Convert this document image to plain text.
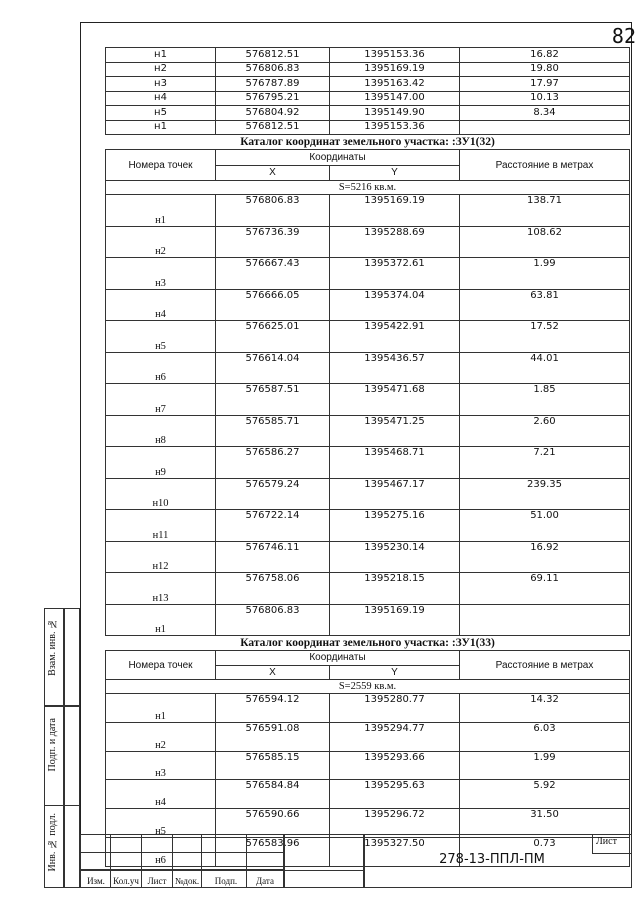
82
н1	576812.51	1395153.36	16.82
н2	576806.83	1395169.19	19.80
н3	576787.89	1395163.42	17.97
н4	576795.21	1395147.00	10.13
н5	576804.92	1395149.90	8.34
н1	576812.51	1395153.36	
Каталог координат земельного участка: :ЗУ1(32)			
Номера точек	Координаты		Расстояние в метрах
	X	Y	
S=5216 кв.м.			
н1	576806.83	1395169.19	138.71
н2	576736.39	1395288.69	108.62
н3	576667.43	1395372.61	1.99
н4	576666.05	1395374.04	63.81
н5	576625.01	1395422.91	17.52
н6	576614.04	1395436.57	44.01
н7	576587.51	1395471.68	1.85
н8	576585.71	1395471.25	2.60
н9	576586.27	1395468.71	7.21
н10	576579.24	1395467.17	239.35
н11	576722.14	1395275.16	51.00
н12	576746.11	1395230.14	16.92
н13	576758.06	1395218.15	69.11
н1	576806.83	1395169.19	
Каталог координат земельного участка: :ЗУ1(33)			
Номера точек	Координаты		Расстояние в метрах
	X	Y	
S=2559 кв.м.			
н1	576594.12	1395280.77	14.32
н2	576591.08	1395294.77	6.03
н3	576585.15	1395293.66	1.99
н4	576584.84	1395295.63	5.92
н5	576590.66	1395296.72	31.50
н6	576583.96	1395327.50	0.73
Взам. инв. №
Подп. и дата
Инв. № подл.
Изм. Кол.уч Лист №док.	Подп.	Дата
278-13-ППЛ-ПМ
Лист
